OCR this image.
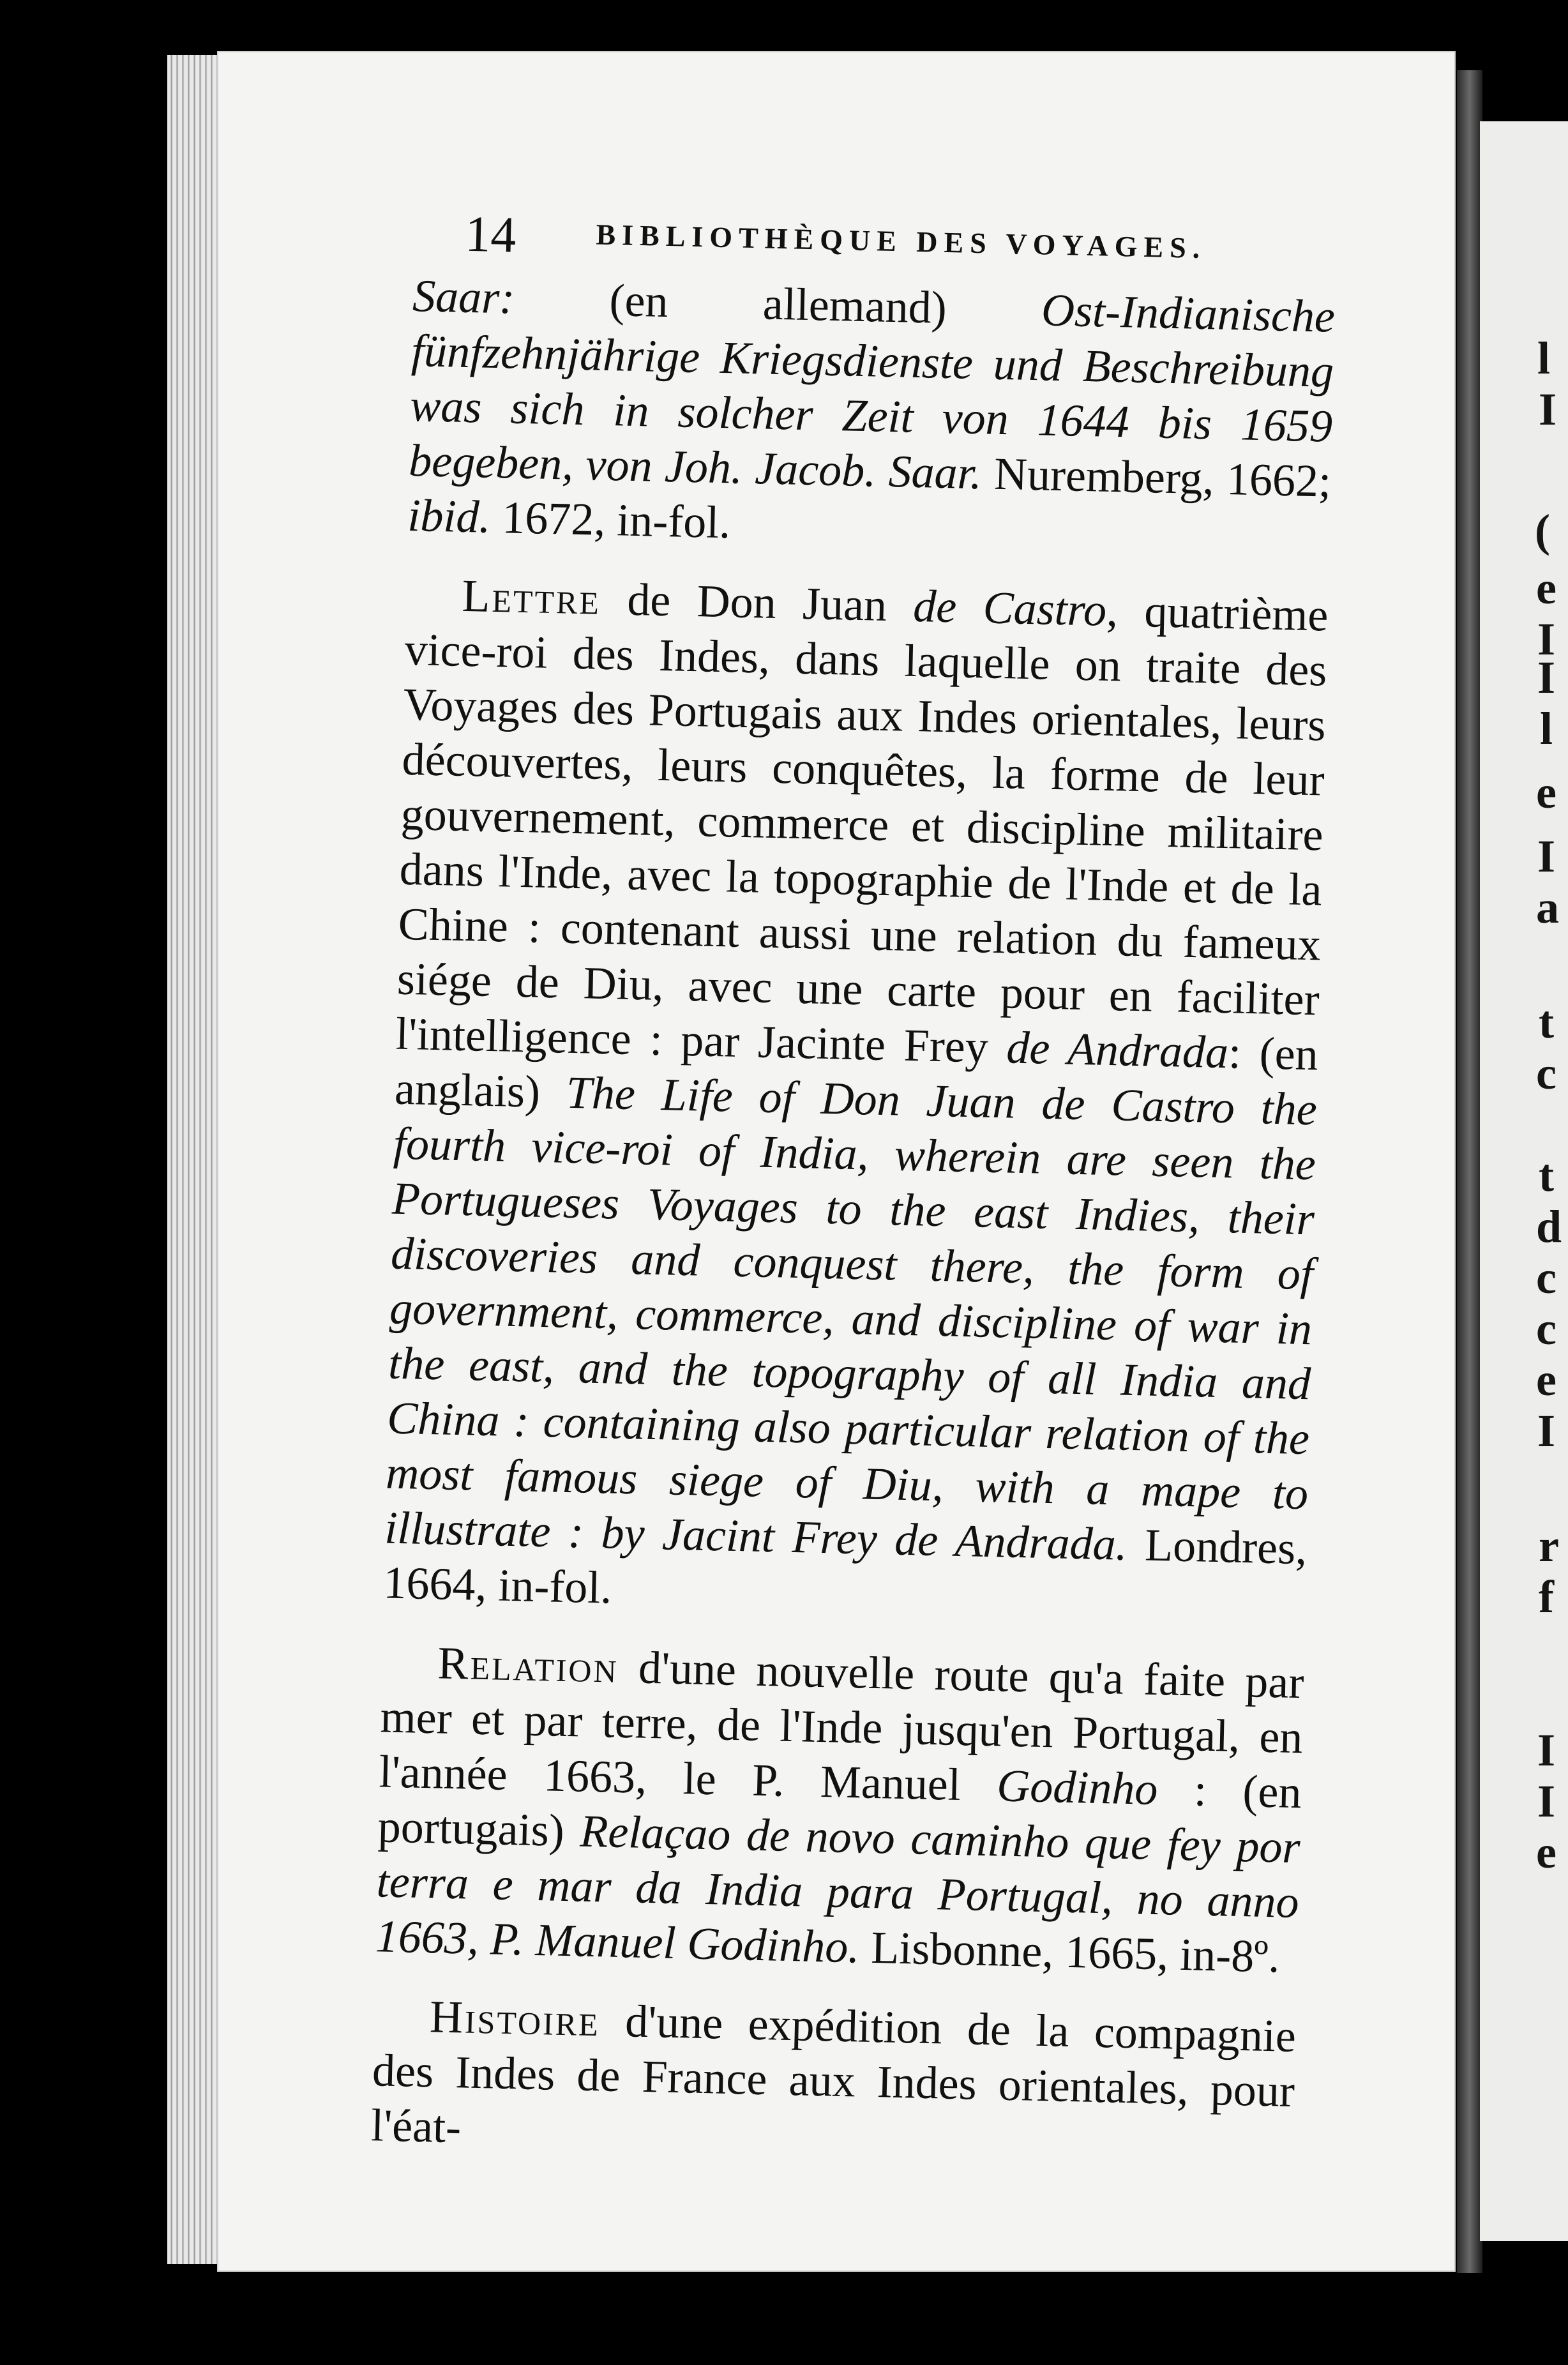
14	BIBLIOTHÈQUE DES VOYAGES.

Saar: (en allemand) Ost-Indianische fünfzehnjährige Kriegsdienste und Beschreibung was sich in solcher Zeit von 1644 bis 1659 begeben, von Joh. Jacob. Saar. Nuremberg, 1662; ibid. 1672, in-fol.

Lettre de Don Juan de Castro, quatrième vice-roi des Indes, dans laquelle on traite des Voyages des Portugais aux Indes orientales, leurs découvertes, leurs conquêtes, la forme de leur gouvernement, commerce et discipline militaire dans l'Inde, avec la topographie de l'Inde et de la Chine : contenant aussi une relation du fameux siége de Diu, avec une carte pour en faciliter l'intelligence : par Jacinte Frey de Andrada: (en anglais) The Life of Don Juan de Castro the fourth vice-roi of India, wherein are seen the Portugueses Voyages to the east Indies, their discoveries and conquest there, the form of government, commerce, and discipline of war in the east, and the topography of all India and China : containing also particular relation of the most famous siege of Diu, with a mape to illustrate : by Jacint Frey de Andrada. Londres, 1664, in-fol.

Relation d'une nouvelle route qu'a faite par mer et par terre, de l'Inde jusqu'en Portugal, en l'année 1663, le P. Manuel Godinho : (en portugais) Relaçao de novo caminho que fey por terra e mar da India para Portugal, no anno 1663, P. Manuel Godinho. Lisbonne, 1665, in-8º.

Histoire d'une expédition de la compagnie des Indes de France aux Indes orientales, pour l'éat-

l
I
(
e
I
I
l
e
I
a
t
c
t
d
c
c
e
I
r
f
I
I
e
